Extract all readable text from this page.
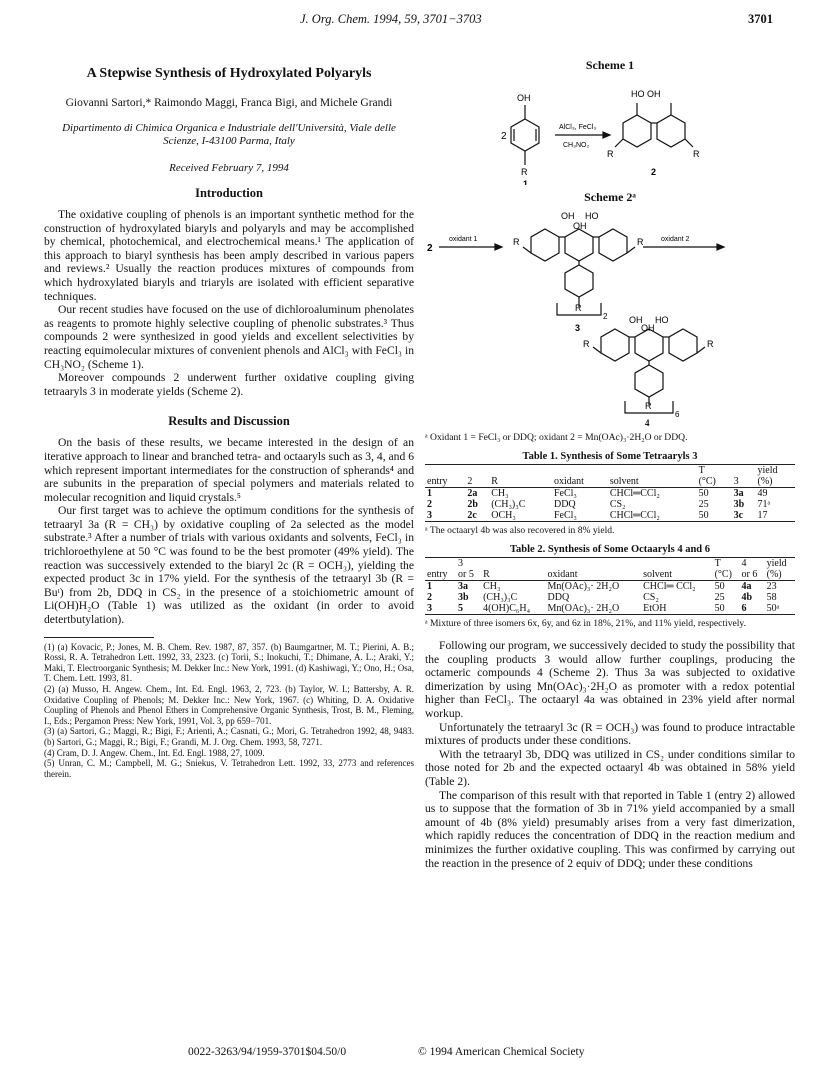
J. Org. Chem. 1994, 59, 3701−3703	3701
A Stepwise Synthesis of Hydroxylated Polyaryls
Giovanni Sartori,* Raimondo Maggi, Franca Bigi, and Michele Grandi
Dipartimento di Chimica Organica e Industriale dell'Università, Viale delle Scienze, I-43100 Parma, Italy
Received February 7, 1994
Introduction

The oxidative coupling of phenols is an important synthetic method for the construction of hydroxylated biaryls and polyaryls and may be accomplished by chemical, photochemical, and electrochemical means.¹ The application of this approach to biaryl synthesis has been amply described in various papers and reviews.² Usually the reaction produces mixtures of compounds from which hydroxylated biaryls and triaryls are isolated with efficient separative techniques.

Our recent studies have focused on the use of dichloroaluminum phenolates as reagents to promote highly selective coupling of phenolic substrates.³ Thus compounds 2 were synthesized in good yields and excellent selectivities by reacting equimolecular mixtures of convenient phenols and AlCl₃ with FeCl₃ in CH₃NO₂ (Scheme 1).

Moreover compounds 2 underwent further oxidative coupling giving tetraaryls 3 in moderate yields (Scheme 2).

Results and Discussion

On the basis of these results, we became interested in the design of an iterative approach to linear and branched tetra- and octaaryls such as 3, 4, and 6 which represent important intermediates for the construction of spherands⁴ and are subunits in the preparation of special polymers and materials related to molecular recognition and liquid crystals.⁵

Our first target was to achieve the optimum conditions for the synthesis of tetraaryl 3a (R = CH₃) by oxidative coupling of 2a selected as the model substrate.³ After a number of trials with various oxidants and solvents, FeCl₃ in trichloroethylene at 50 °C was found to be the best promoter (49% yield). The reaction was successively extended to the biaryl 2c (R = OCH₃), yielding the expected product 3c in 17% yield. For the synthesis of the tetraaryl 3b (R = Buᵗ) from 2b, DDQ in CS₂ in the presence of a stoichiometric amount of Li(OH)H₂O (Table 1) was utilized as the oxidant (in order to avoid detertbutylation).

(1) (a) Kovacic, P.; Jones, M. B. Chem. Rev. 1987, 87, 357. (b) Baumgartner, M. T.; Pierini, A. B.; Rossi, R. A. Tetrahedron Lett. 1992, 33, 2323. (c) Torii, S.; Inokuchi, T.; Dhimane, A. L.; Araki, Y.; Maki, T. Electroorganic Synthesis; M. Dekker Inc.: New York, 1991. (d) Kashiwagi, Y.; Ono, H.; Osa, T. Chem. Lett. 1993, 81.

(2) (a) Musso, H. Angew. Chem., Int. Ed. Engl. 1963, 2, 723. (b) Taylor, W. I.; Battersby, A. R. Oxidative Coupling of Phenols; M. Dekker Inc.: New York, 1967. (c) Whiting, D. A. Oxidative Coupling of Phenols and Phenol Ethers in Comprehensive Organic Synthesis, Trost, B. M., Fleming, I., Eds.; Pergamon Press: New York, 1991, Vol. 3, pp 659−701.

(3) (a) Sartori, G.; Maggi, R.; Bigi, F.; Arienti, A.; Casnati, G.; Mori, G. Tetrahedron 1992, 48, 9483. (b) Sartori, G.; Maggi, R.; Bigi, F.; Grandi, M. J. Org. Chem. 1993, 58, 7271.

(4) Cram, D. J. Angew. Chem., Int. Ed. Engl. 1988, 27, 1009.

(5) Unran, C. M.; Campbell, M. G.; Sniekus, V. Tetrahedron Lett. 1992, 33, 2773 and references therein.

Scheme 1
OH
2
R
1
AlCl₃, FeCl₃
CH₃NO₂
HO OH
R	R
2
Scheme 2ᵃ
2
oxidant 1	R	R
OH HO
OH
R
2
3
oxidant 2
OH HO
OH
R	R
R
6
4
ᵃ Oxidant 1 = FeCl₃ or DDQ; oxidant 2 = Mn(OAc)₃·2H₂O or DDQ.
Table 1. Synthesis of Some Tetraaryls 3
					T		yield
entry	2	R	oxidant	solvent	(°C)	3	(%)
1	2a	CH₃	FeCl₃	CHCl═CCl₂	50	3a	49
2	2b	(CH₃)₃C	DDQ	CS₂	25	3b	71ᵃ
3	2c	OCH₃	FeCl₃	CHCl═CCl₂	50	3c	17
ᵃ The octaaryl 4b was also recovered in 8% yield.
Table 2. Synthesis of Some Octaaryls 4 and 6
	3				T	4	yield
entry	or 5	R	oxidant	solvent	(°C)	or 6	(%)
1	3a	CH₃	Mn(OAc)₃· 2H₂O	CHCl═ CCl₂	50	4a	23
2	3b	(CH₃)₃C	DDQ	CS₂	25	4b	58
3	5	4(OH)C₆H₄	Mn(OAc)₃· 2H₂O	EtOH	50	6	50ᵃ
ᵃ Mixture of three isomers 6x, 6y, and 6z in 18%, 21%, and 11% yield, respectively.

Following our program, we successively decided to study the possibility that the coupling products 3 would allow further couplings, producing the octameric compounds 4 (Scheme 2). Thus 3a was subjected to oxidative dimerization by using Mn(OAc)₃·2H₂O as promoter with a redox potential higher than FeCl₃. The octaaryl 4a was obtained in 23% yield after normal workup.

Unfortunately the tetraaryl 3c (R = OCH₃) was found to produce intractable mixtures of products under these conditions.

With the tetraaryl 3b, DDQ was utilized in CS₂ under conditions similar to those noted for 2b and the expected octaaryl 4b was obtained in 58% yield (Table 2).

The comparison of this result with that reported in Table 1 (entry 2) allowed us to suppose that the formation of 3b in 71% yield accompanied by a small amount of 4b (8% yield) presumably arises from a very fast dimerization, which rapidly reduces the concentration of DDQ in the reaction medium and minimizes the further oxidative coupling. This was confirmed by carrying out the reaction in the presence of 2 equiv of DDQ; under these conditions

0022-3263/94/1959-3701$04.50/0	© 1994 American Chemical Society
